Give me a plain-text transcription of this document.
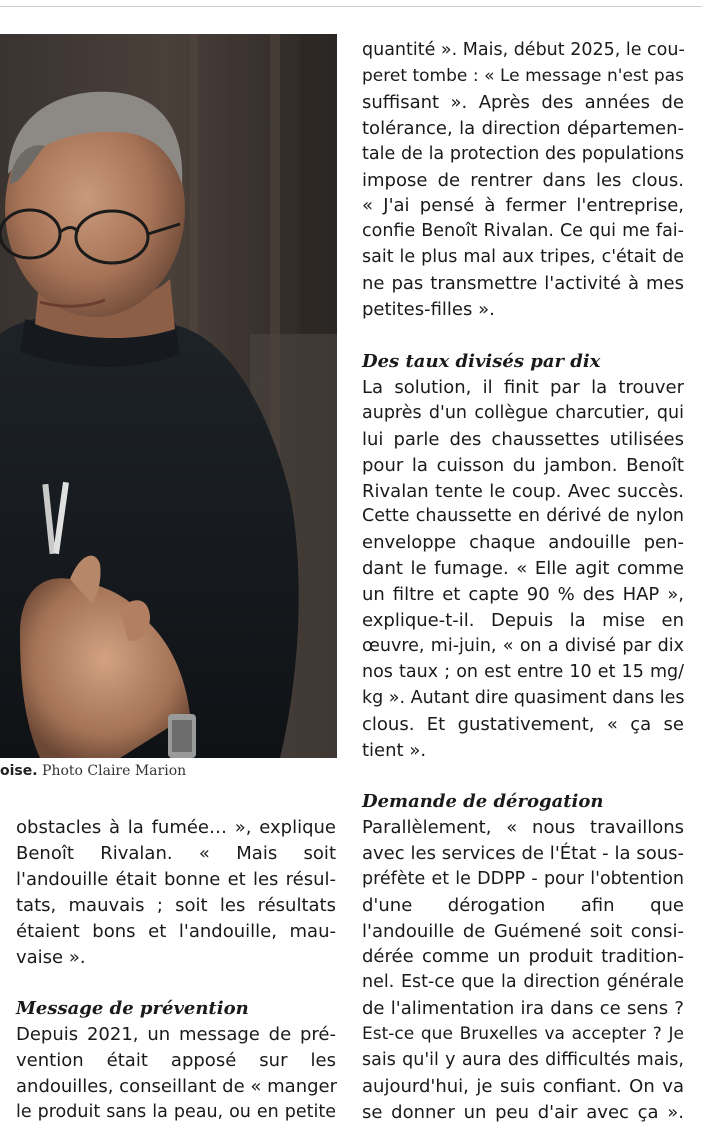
oise. Photo Claire Marion

quantité ». Mais, début 2025, le cou-

peret tombe : « Le message n'est pas

suffisant ». Après des années de

tolérance, la direction départemen-

tale de la protection des populations

impose de rentrer dans les clous.

« J'ai pensé à fermer l'entreprise,

confie Benoît Rivalan. Ce qui me fai-

sait le plus mal aux tripes, c'était de

ne pas transmettre l'activité à mes

petites-filles ».

Des taux divisés par dix

La solution, il finit par la trouver

auprès d'un collègue charcutier, qui

lui parle des chaussettes utilisées

pour la cuisson du jambon. Benoît

Rivalan tente le coup. Avec succès.

Cette chaussette en dérivé de nylon

enveloppe chaque andouille pen-

dant le fumage. « Elle agit comme

un filtre et capte 90 % des HAP »,

explique-t-il. Depuis la mise en

œuvre, mi-juin, « on a divisé par dix

nos taux ; on est entre 10 et 15 mg/

kg ». Autant dire quasiment dans les

clous. Et gustativement, « ça se

tient ».

obstacles à la fumée… », explique

Benoît Rivalan. « Mais soit

l'andouille était bonne et les résul-

tats, mauvais ; soit les résultats

étaient bons et l'andouille, mau-

vaise ».

Message de prévention

Depuis 2021, un message de pré-

vention était apposé sur les

andouilles, conseillant de « manger

le produit sans la peau, ou en petite

Demande de dérogation

Parallèlement, « nous travaillons

avec les services de l'État - la sous-

préfète et le DDPP - pour l'obtention

d'une dérogation afin que

l'andouille de Guémené soit consi-

dérée comme un produit tradition-

nel. Est-ce que la direction générale

de l'alimentation ira dans ce sens ?

Est-ce que Bruxelles va accepter ? Je

sais qu'il y aura des difficultés mais,

aujourd'hui, je suis confiant. On va

se donner un peu d'air avec ça ».
